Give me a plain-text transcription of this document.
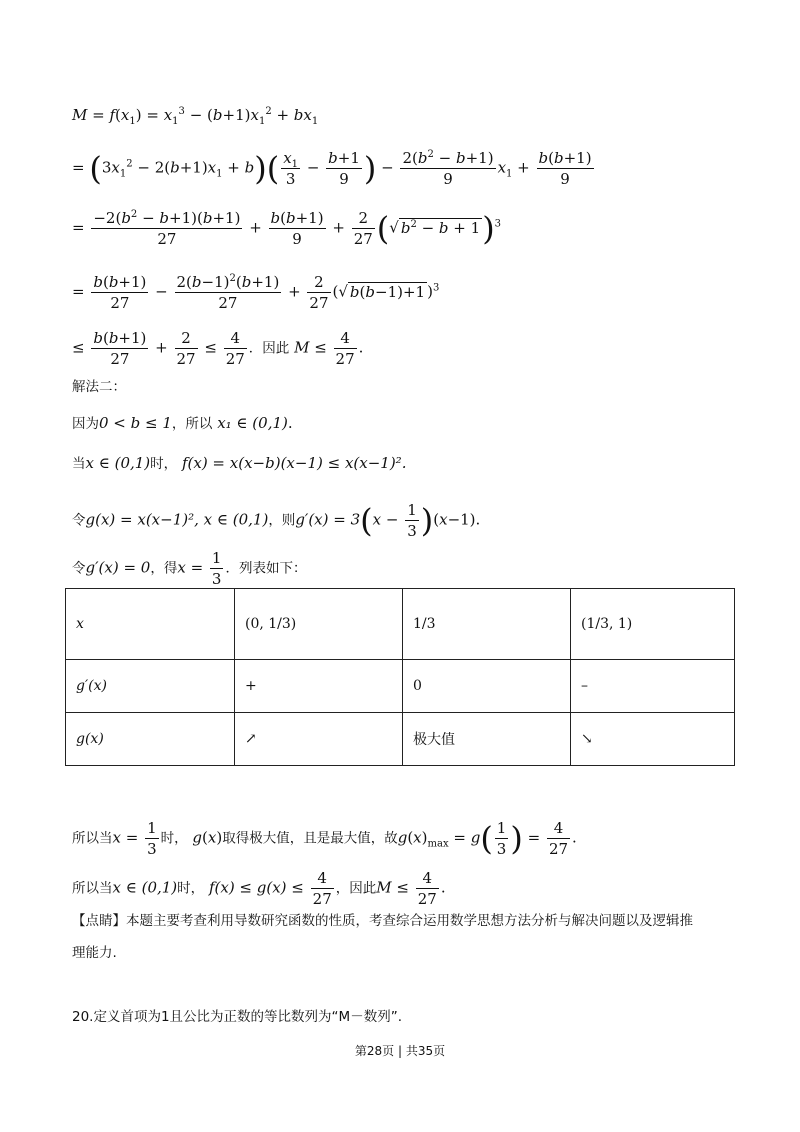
$M = f(x_1) = x_1^3 - (b+1)x_1^2 + bx_1$
= $(3x_1^2 - 2(b+1)x_1 + b)( \frac{x_1}{3} - \frac{b+1}{9}$ ) − $\frac{2(b^2 - b+1)}{9} x_1 + \frac{b(b+1)}{9}$
= $\frac{-2(b^2 - b+1)(b+1)}{27} + \frac{b(b+1)}{9} + \frac{2}{27}$ (√ $b^2 - b + 1)^3$
= $\frac{b(b+1)}{27} - \frac{2(b-1)^2(b+1)}{27} + \frac{2}{27}$ (√ b(b−1)+1 )$^3$
≤ $\frac{b(b+1)}{27} + \frac{2}{27} \le \frac{4}{27}$ ．因此 $M \le \frac{4}{27}$ .
解法二：
因为0 < b ≤ 1，所以 x₁ ∈ (0,1).
当x ∈ (0,1)时， f(x) = x(x−b)(x−1) ≤ x(x−1)².
令g(x) = x(x−1)², x ∈ (0,1)，则$g'(x) = 3(x - \frac{1}{3} )(x-1)$.
令g′(x) = 0，得$x = \frac{1}{3}$ ．列表如下：
x	(0, 1/3)	1/3	(1/3, 1)
g′(x)	+	0	–
g(x)	↗	极大值	↘
所以当$x = \frac{1}{3}$ 时， g(x)取得极大值，且是最大值，故$g(x)_{max} = g( \frac{1}{3}$ ) = $\frac{4}{27}$ .
所以当x ∈ (0,1)时， $f(x) \le g(x) \le \frac{4}{27}$ ，因此$M \le \frac{4}{27}$ .
【点睛】本题主要考查利用导数研究函数的性质，考查综合运用数学思想方法分析与解决问题以及逻辑推
理能力.
20.定义首项为1且公比为正数的等比数列为“M－数列”.
第28页 | 共35页
